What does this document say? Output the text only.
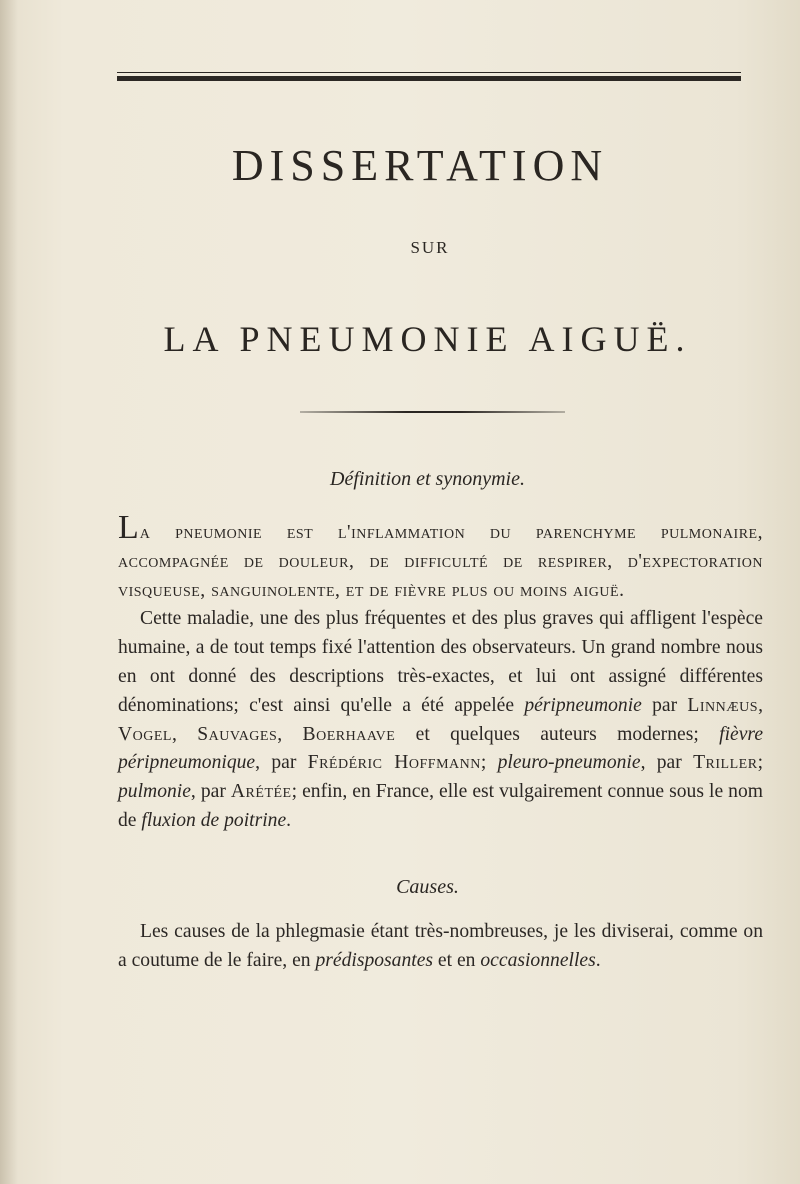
DISSERTATION
SUR
LA PNEUMONIE AIGUË.
Définition et synonymie.

La pneumonie est l'inflammation du parenchyme pulmonaire, accompagnée de douleur, de difficulté de respirer, d'expectoration visqueuse, sanguinolente, et de fièvre plus ou moins aiguë.

Cette maladie, une des plus fréquentes et des plus graves qui affligent l'espèce humaine, a de tout temps fixé l'attention des observateurs. Un grand nombre nous en ont donné des descriptions très-exactes, et lui ont assigné différentes dénominations; c'est ainsi qu'elle a été appelée péripneumonie par Linnæus, Vogel, Sauvages, Boerhaave et quelques auteurs modernes; fièvre péripneumonique, par Frédéric Hoffmann; pleuro-pneumonie, par Triller; pulmonie, par Arétée; enfin, en France, elle est vulgairement connue sous le nom de fluxion de poitrine.

Causes.

Les causes de la phlegmasie étant très-nombreuses, je les diviserai, comme on a coutume de le faire, en prédisposantes et en occasionnelles.
